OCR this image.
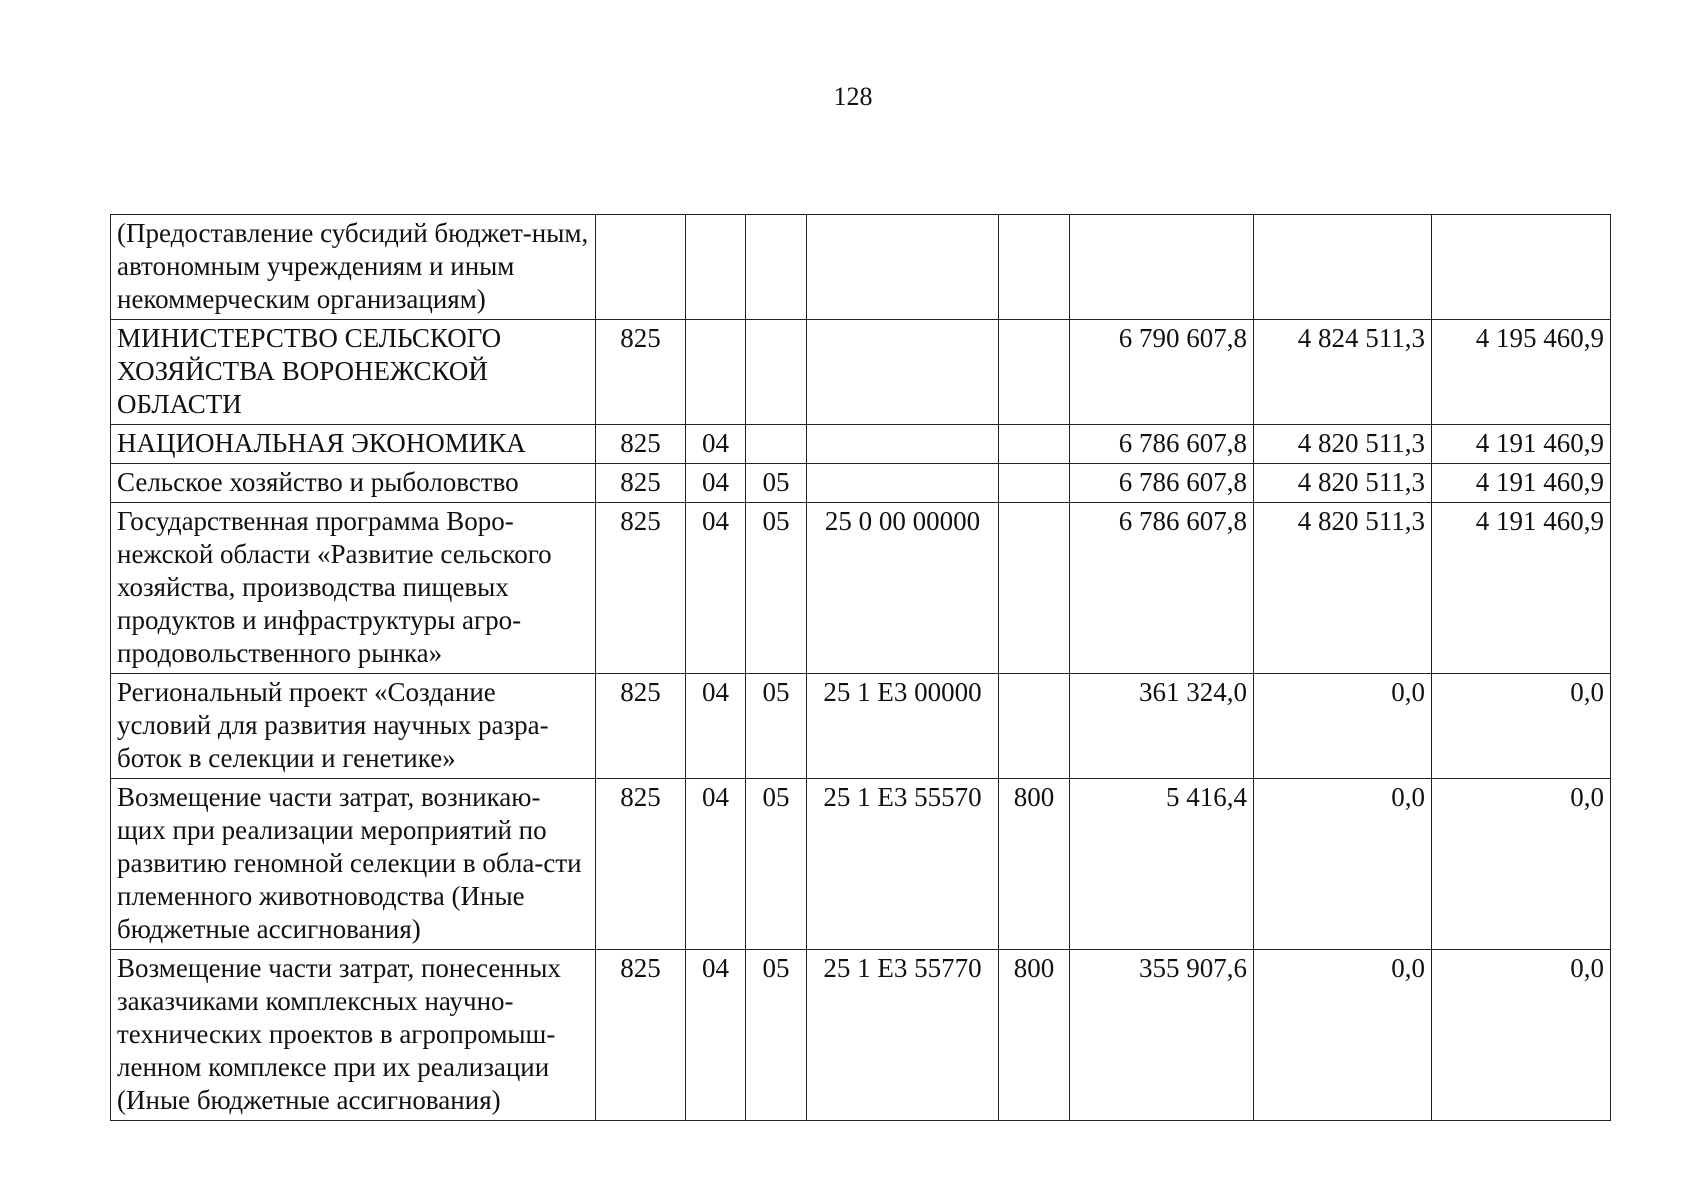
128
(Предоставление субсидий бюджет-ным, автономным учреждениям и иным некоммерческим организациям)								
МИНИСТЕРСТВО СЕЛЬСКОГО ХОЗЯЙСТВА ВОРОНЕЖСКОЙ ОБЛАСТИ	825					6 790 607,8	4 824 511,3	4 195 460,9
НАЦИОНАЛЬНАЯ ЭКОНОМИКА	825	04				6 786 607,8	4 820 511,3	4 191 460,9
Сельское хозяйство и рыболовство	825	04	05			6 786 607,8	4 820 511,3	4 191 460,9
Государственная программа Воро-нежской области «Развитие сельского хозяйства, производства пищевых продуктов и инфраструктуры агро-продовольственного рынка»	825	04	05	25 0 00 00000		6 786 607,8	4 820 511,3	4 191 460,9
Региональный проект «Создание условий для развития научных разра-боток в селекции и генетике»	825	04	05	25 1 Е3 00000		361 324,0	0,0	0,0
Возмещение части затрат, возникаю-щих при реализации мероприятий по развитию геномной селекции в обла-сти племенного животноводства (Иные бюджетные ассигнования)	825	04	05	25 1 Е3 55570	800	5 416,4	0,0	0,0
Возмещение части затрат, понесенных заказчиками комплексных научно-технических проектов в агропромыш-ленном комплексе при их реализации (Иные бюджетные ассигнования)	825	04	05	25 1 Е3 55770	800	355 907,6	0,0	0,0
